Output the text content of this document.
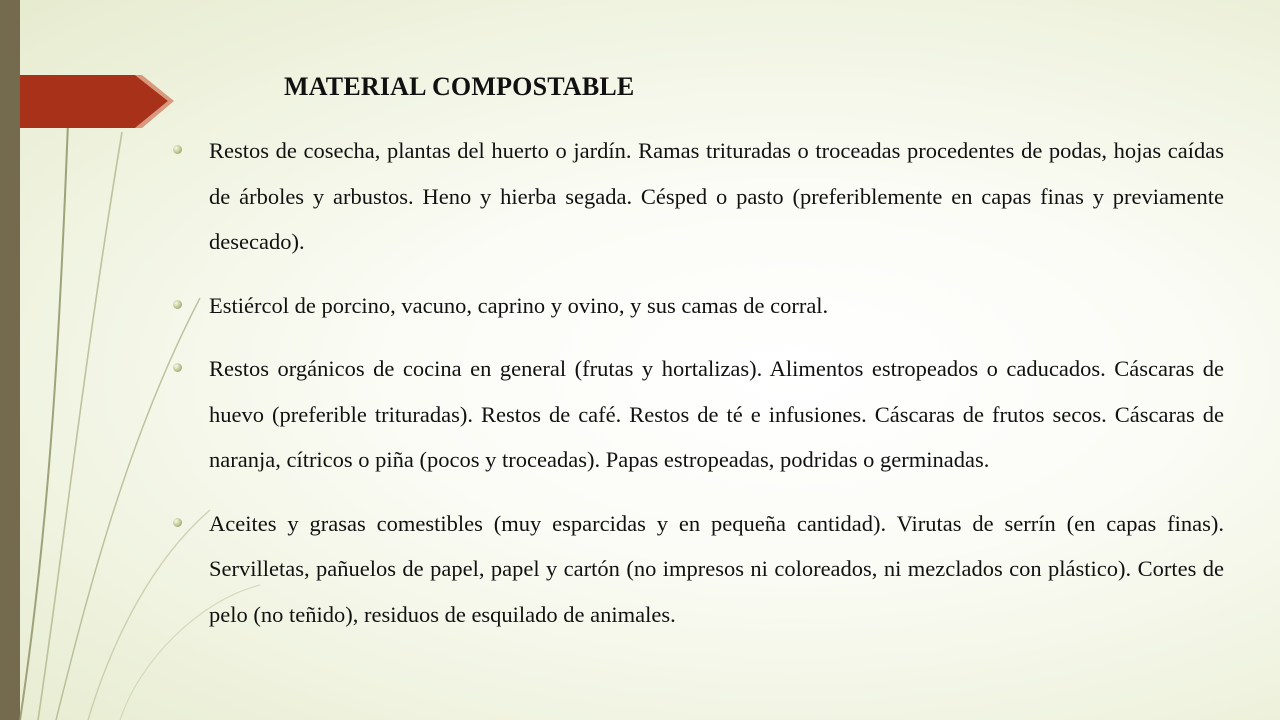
MATERIAL COMPOSTABLE
Restos de cosecha, plantas del huerto o jardín. Ramas trituradas o troceadas procedentes de podas, hojas caídas de árboles y arbustos. Heno y hierba segada. Césped o pasto (preferiblemente en capas finas y previamente desecado).
Estiércol de porcino, vacuno, caprino y ovino, y sus camas de corral.
Restos orgánicos de cocina en general (frutas y hortalizas). Alimentos estropeados o caducados. Cáscaras de huevo (preferible trituradas). Restos de café. Restos de té e infusiones. Cáscaras de frutos secos. Cáscaras de naranja, cítricos o piña (pocos y troceadas). Papas estropeadas, podridas o germinadas.
Aceites y grasas comestibles (muy esparcidas y en pequeña cantidad). Virutas de serrín (en capas finas). Servilletas, pañuelos de papel, papel y cartón (no impresos ni coloreados, ni mezclados con plástico). Cortes de pelo (no teñido), residuos de esquilado de animales.
